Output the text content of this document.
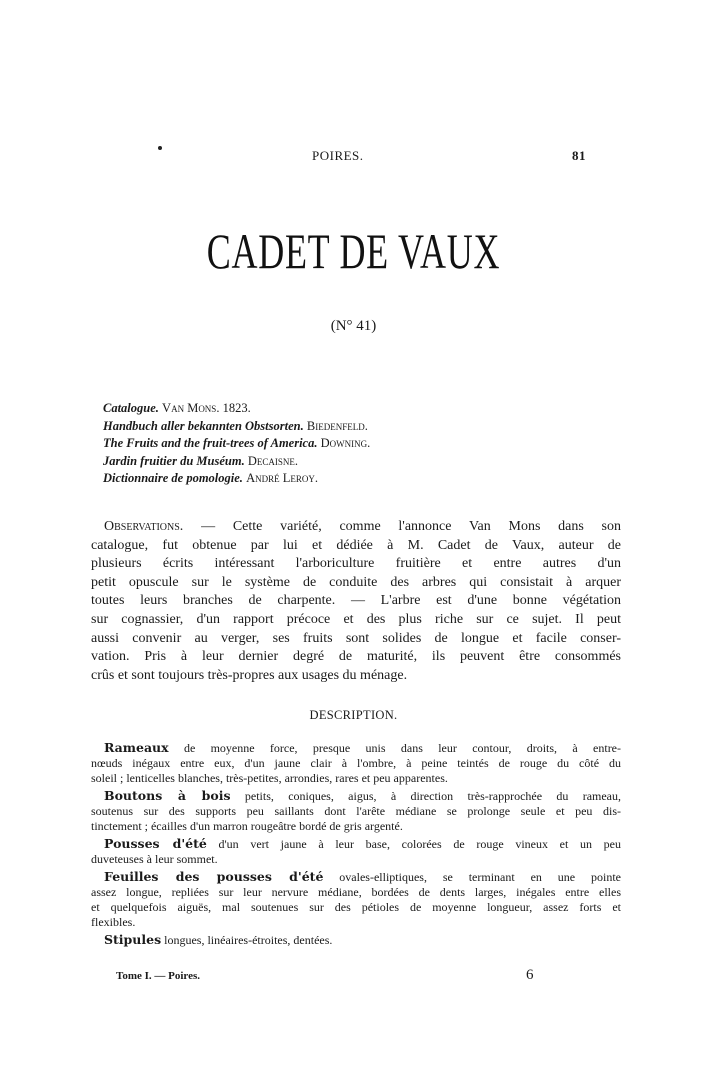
POIRES.	81
CADET DE VAUX
(N° 41)
Catalogue. Van Mons. 1823.
Handbuch aller bekannten Obstsorten. Biedenfeld.
The Fruits and the fruit-trees of America. Downing.
Jardin fruitier du Muséum. Decaisne.
Dictionnaire de pomologie. André Leroy.
Observations. — Cette variété, comme l'annonce Van Mons dans son
catalogue, fut obtenue par lui et dédiée à M. Cadet de Vaux, auteur de
plusieurs écrits intéressant l'arboriculture fruitière et entre autres d'un
petit opuscule sur le système de conduite des arbres qui consistait à arquer
toutes leurs branches de charpente. — L'arbre est d'une bonne végétation
sur cognassier, d'un rapport précoce et des plus riche sur ce sujet. Il peut
aussi convenir au verger, ses fruits sont solides de longue et facile conser-
vation. Pris à leur dernier degré de maturité, ils peuvent être consommés
crûs et sont toujours très-propres aux usages du ménage.
DESCRIPTION.

Rameaux de moyenne force, presque unis dans leur contour, droits, à entre-
nœuds inégaux entre eux, d'un jaune clair à l'ombre, à peine teintés de rouge du côté du
soleil ; lenticelles blanches, très-petites, arrondies, rares et peu apparentes.

Boutons à bois petits, coniques, aigus, à direction très-rapprochée du rameau,
soutenus sur des supports peu saillants dont l'arête médiane se prolonge seule et peu dis-
tinctement ; écailles d'un marron rougeâtre bordé de gris argenté.

Pousses d'été d'un vert jaune à leur base, colorées de rouge vineux et un peu
duveteuses à leur sommet.

Feuilles des pousses d'été ovales-elliptiques, se terminant en une pointe
assez longue, repliées sur leur nervure médiane, bordées de dents larges, inégales entre elles
et quelquefois aiguës, mal soutenues sur des pétioles de moyenne longueur, assez forts et
flexibles.

Stipules longues, linéaires-étroites, dentées.

Tome I. — Poires.	6
